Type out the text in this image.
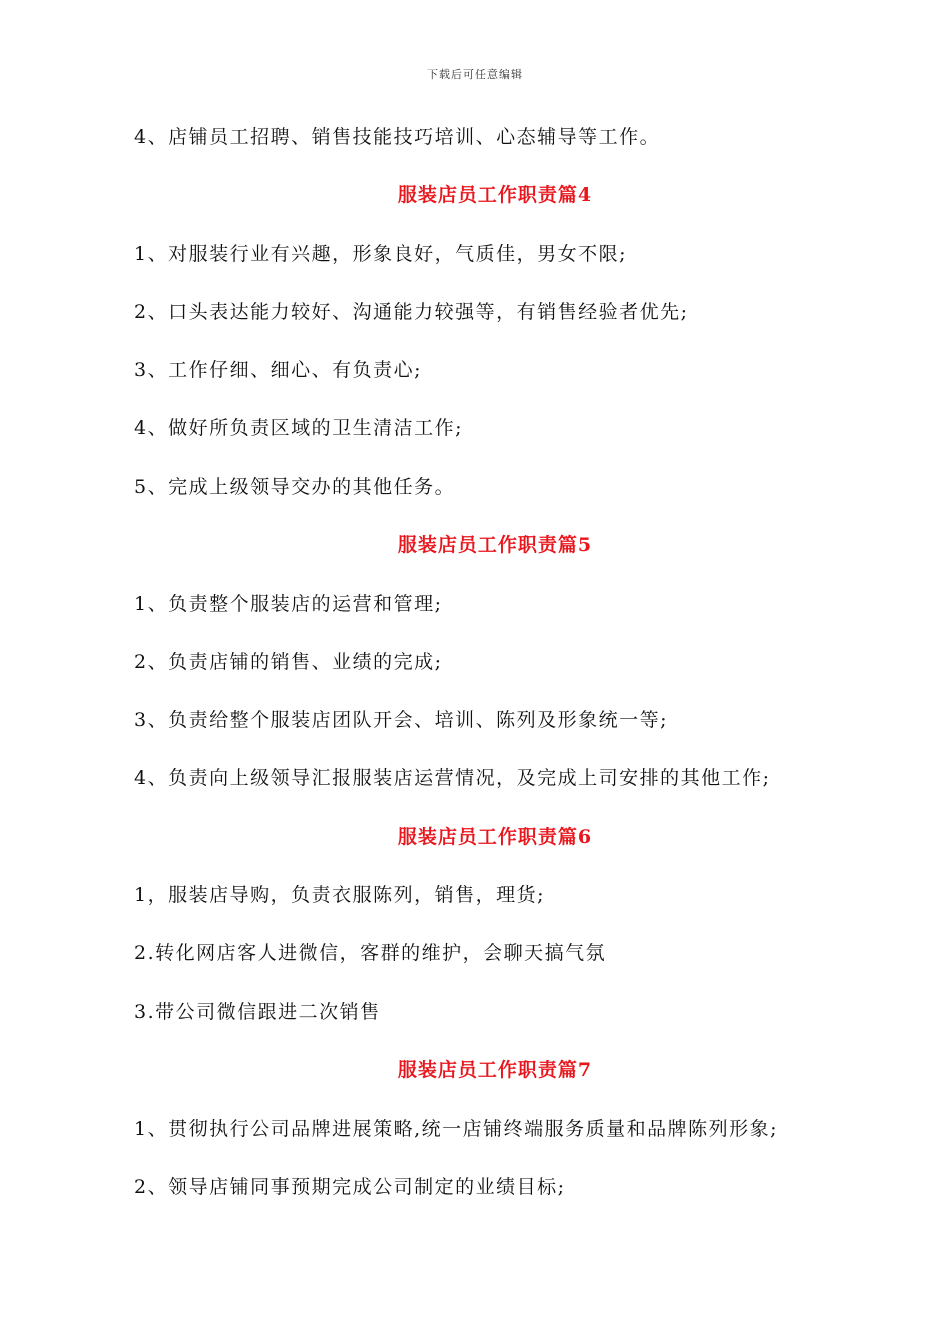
下载后可任意编辑
4、店铺员工招聘、销售技能技巧培训、心态辅导等工作。
服装店员工作职责篇4
1、对服装行业有兴趣，形象良好，气质佳，男女不限;
2、口头表达能力较好、沟通能力较强等，有销售经验者优先;
3、工作仔细、细心、有负责心;
4、做好所负责区域的卫生清洁工作;
5、完成上级领导交办的其他任务。
服装店员工作职责篇5
1、负责整个服装店的运营和管理;
2、负责店铺的销售、业绩的完成;
3、负责给整个服装店团队开会、培训、陈列及形象统一等;
4、负责向上级领导汇报服装店运营情况，及完成上司安排的其他工作;
服装店员工作职责篇6
1，服装店导购，负责衣服陈列，销售，理货;
2.转化网店客人进微信，客群的维护，会聊天搞气氛
3.带公司微信跟进二次销售
服装店员工作职责篇7
1、贯彻执行公司品牌进展策略,统一店铺终端服务质量和品牌陈列形象;
2、领导店铺同事预期完成公司制定的业绩目标;
